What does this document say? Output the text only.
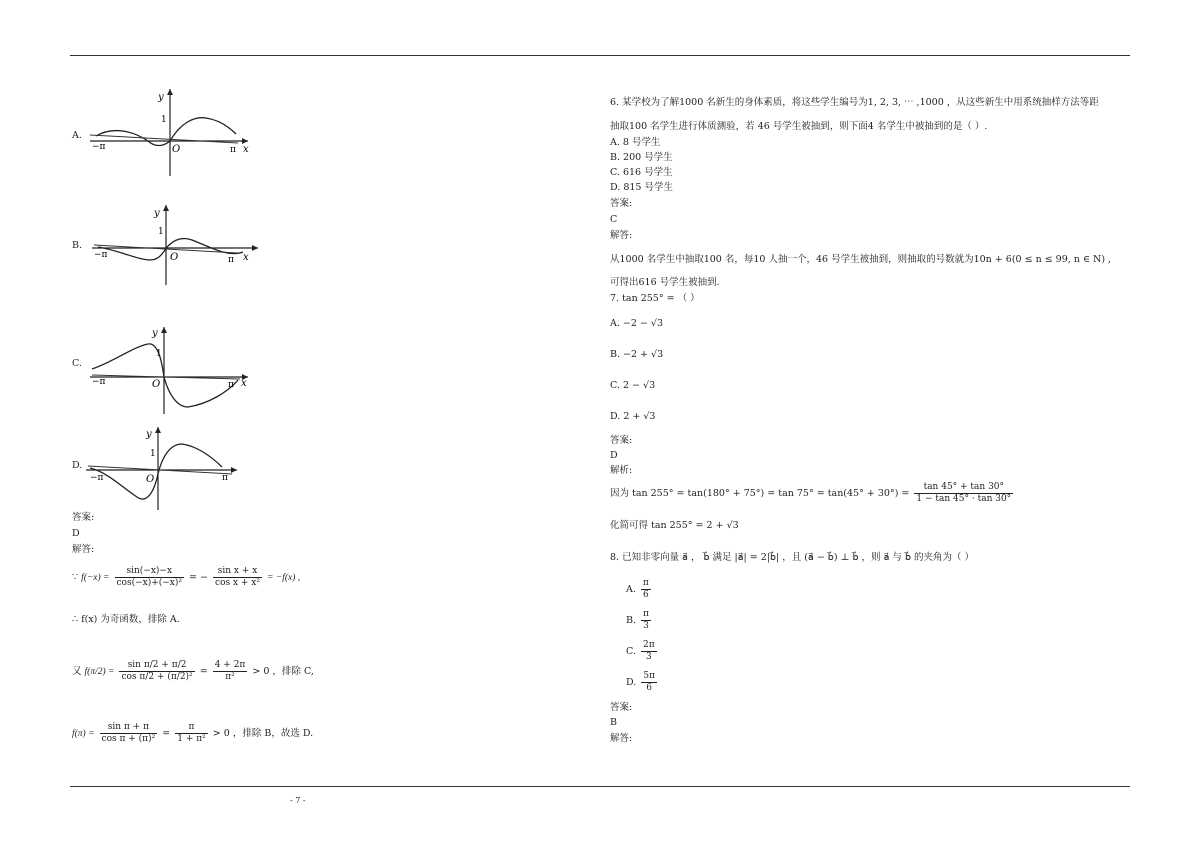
A.
y
1
O
−π	π x
B.
y
1
O
−π	π x
C.
y
1
O
−π	π x
D.
y
1
O
−π	π
答案:
D
解答:
∵ $f(-x) = \frac{\sin(-x)-x}{\text{cos(−x)+(−x)²}}$ = − $\frac{\text{sin x + x}}{\text{cos x + x²}} = -f(x)$ ,
∴ f(x) 为奇函数，排除 A.
又 $f(\pi/2) = \frac{\text{sin π/2 + π/2}}{\text{cos π/2 + (π/2)²}} = \frac{4 + 2\pi}{\text{π²}} > 0$ ，排除 C,
$f(\pi) = \frac{\text{sin π + π}}{\text{cos π + (π)²}} = \frac{\pi}{\text{1 + π²}} > 0$ ，排除 B，故选 D.
6. 某学校为了解1000 名新生的身体素质，将这些学生编号为1, 2, 3, ⋯ ,1000 ，从这些新生中用系统抽样方法等距
抽取100 名学生进行体质测验，若 46 号学生被抽到，则下面4 名学生中被抽到的是（ ）.
A. 8 号学生
B. 200 号学生
C. 616 号学生
D. 815 号学生
答案:
C
解答:
从1000 名学生中抽取100 名，每10 人抽一个，46 号学生被抽到，则抽取的号数就为10n + 6(0 ≤ n ≤ 99, n ∈ N) ,
可得出616 号学生被抽到.
7. tan 255° = （ ）
A. −2 − √3
B. −2 + √3
C. 2 − √3
D. 2 + √3
答案:
D
解析:
因为 $\tan 255^\circ = \tan(180^\circ + 75^\circ) = \tan 75^\circ = \tan(45^\circ + 30^\circ) = \frac{\tan 45^\circ + \tan 30^\circ}{1 - \tan 45^\circ \cdot \tan 30^\circ}$
化简可得 tan 255° = 2 + √3
8. 已知非零向量 a⃗ ， b⃗ 满足 |a⃗| = 2|b⃗| ，且 (a⃗ − b⃗) ⊥ b⃗ ，则 a⃗ 与 b⃗ 的夹角为（ ）
A. $\frac{\pi}{6}$
B. $\frac{\pi}{3}$
C. $\frac{2\pi}{3}$
D. $\frac{5\pi}{6}$
答案:
B
解答:
- 7 -
